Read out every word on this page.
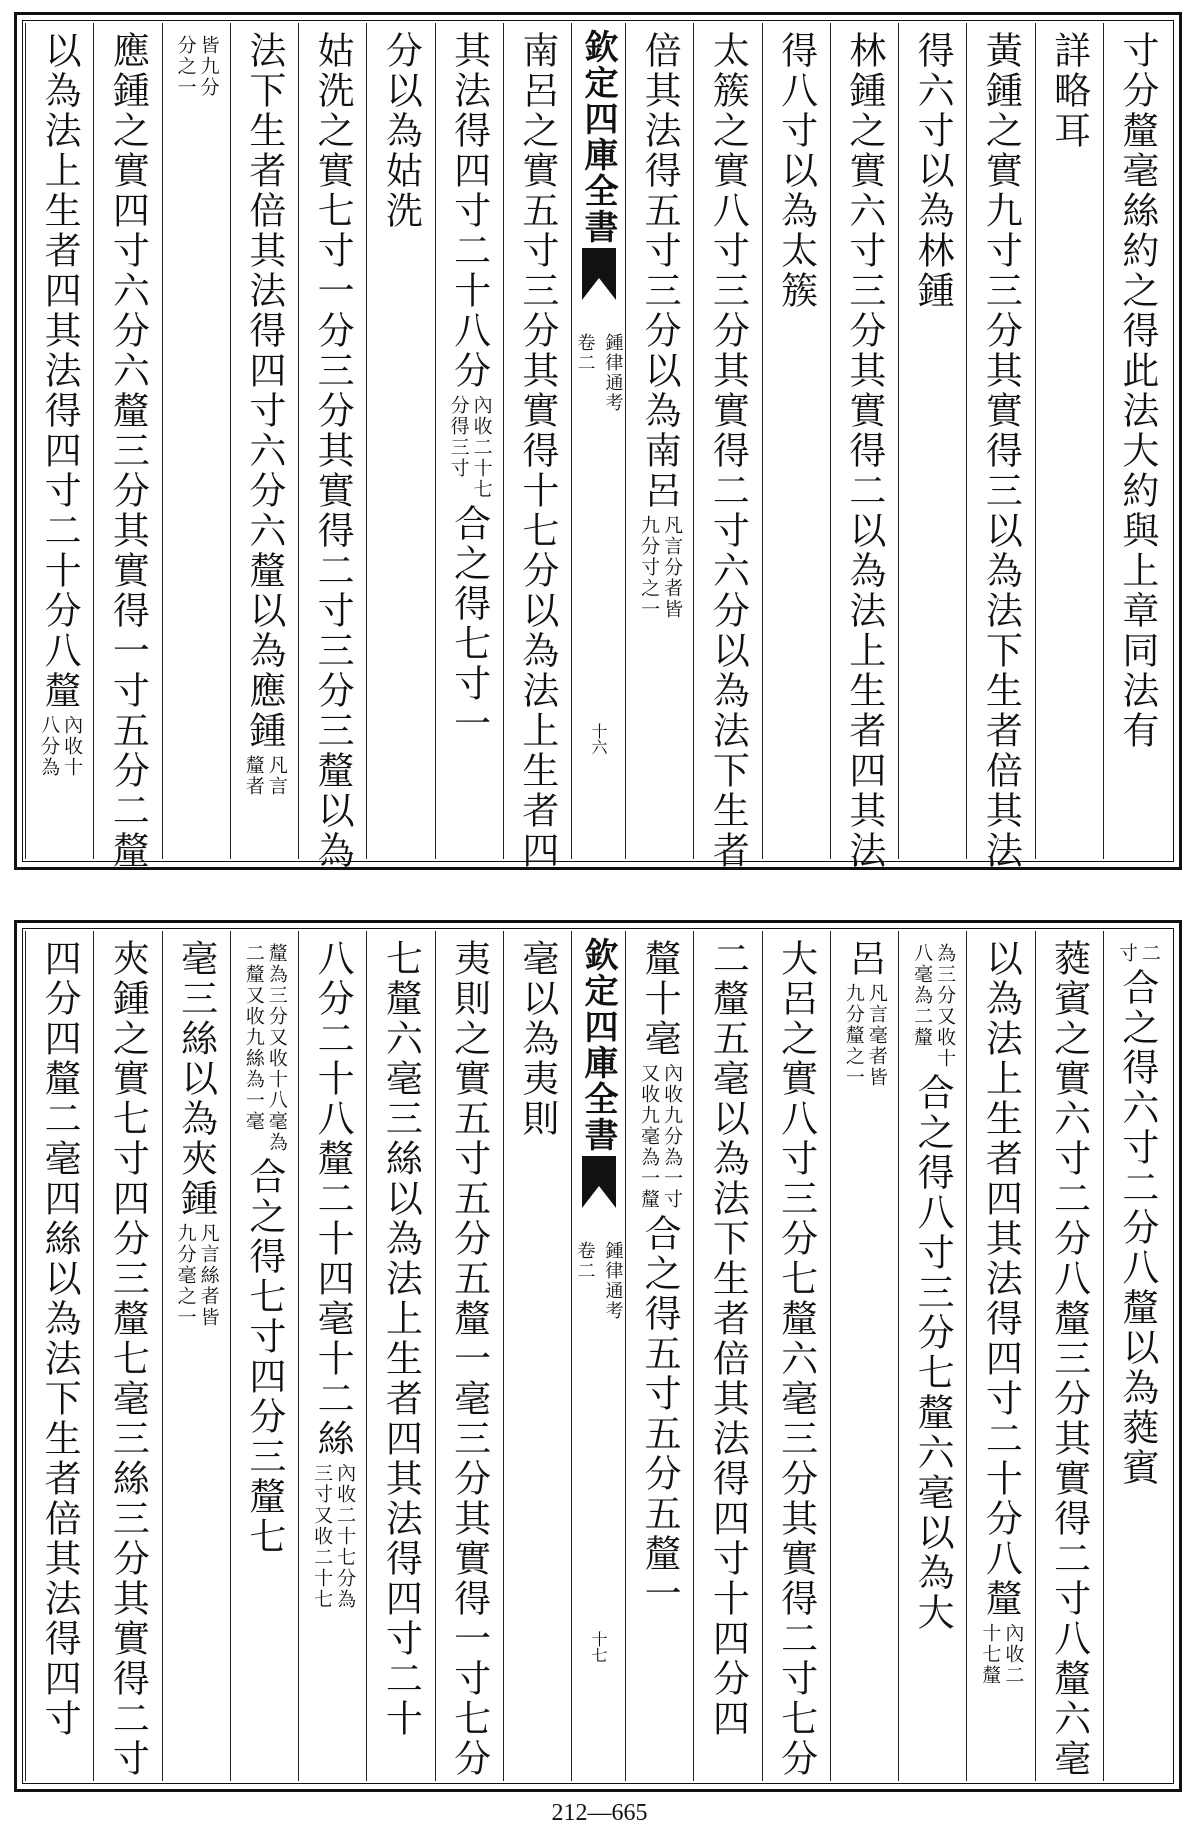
寸分釐毫絲約之得此法大約與上章同法有
詳略耳
黃鍾之實九寸三分其實得三以為法下生者倍其法
得六寸以為林鍾
林鍾之實六寸三分其實得二以為法上生者四其法
得八寸以為太簇
太簇之實八寸三分其實得二寸六分以為法下生者
倍其法得五寸三分以為南呂
凡言分者皆
九分寸之一
欽定四庫全書
鍾律通考
卷二
十六
南呂之實五寸三分其實得十七分以為法上生者四
其法得四寸二十八分
內收二十七
分得三寸
合之得七寸一
分以為姑洗
姑洗之實七寸一分三分其實得二寸三分三釐以為
法下生者倍其法得四寸六分六釐以為應鍾
凡言
釐者
皆九分
分之一
應鍾之實四寸六分六釐三分其實得一寸五分二釐
以為法上生者四其法得四寸二十分八釐
內收十
八分為
二
寸
合之得六寸二分八釐以為蕤賓
蕤賓之實六寸二分八釐三分其實得二寸八釐六毫
以為法上生者四其法得四寸二十分八釐
內收二
十七釐
為三分又收十
八毫為二釐
合之得八寸三分七釐六毫以為大
呂
凡言毫者皆
九分釐之一
大呂之實八寸三分七釐六毫三分其實得二寸七分
二釐五毫以為法下生者倍其法得四寸十四分四
釐十毫
內收九分為一寸
又收九毫為一釐
合之得五寸五分五釐一
欽定四庫全書
鍾律通考
卷二
十七
毫以為夷則
夷則之實五寸五分五釐一毫三分其實得一寸七分
七釐六毫三絲以為法上生者四其法得四寸二十
八分二十八釐二十四毫十二絲
內收二十七分為
三寸又收二十七
釐為三分又收十八毫為
二釐又收九絲為一毫
合之得七寸四分三釐七
毫三絲以為夾鍾
凡言絲者皆
九分毫之一
夾鍾之實七寸四分三釐七毫三絲三分其實得二寸
四分四釐二毫四絲以為法下生者倍其法得四寸
212—665
